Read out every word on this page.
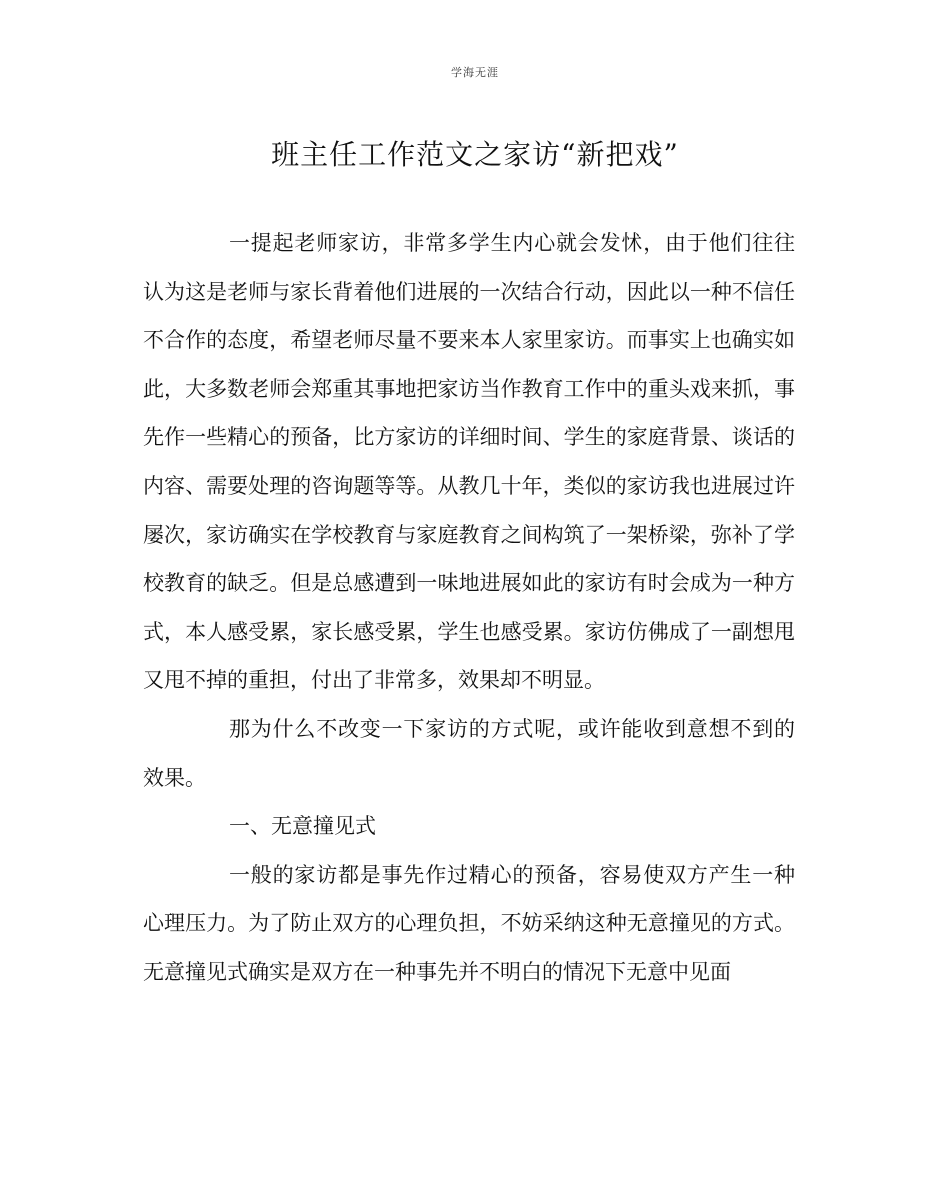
学海无涯
班主任工作范文之家访“新把戏”

一提起老师家访，非常多学生内心就会发怵，由于他们往往认为这是老师与家长背着他们进展的一次结合行动，因此以一种不信任不合作的态度，希望老师尽量不要来本人家里家访。而事实上也确实如此，大多数老师会郑重其事地把家访当作教育工作中的重头戏来抓，事先作一些精心的预备，比方家访的详细时间、学生的家庭背景、谈话的内容、需要处理的咨询题等等。从教几十年，类似的家访我也进展过许屡次，家访确实在学校教育与家庭教育之间构筑了一架桥梁，弥补了学校教育的缺乏。但是总感遭到一味地进展如此的家访有时会成为一种方式，本人感受累，家长感受累，学生也感受累。家访仿佛成了一副想甩又甩不掉的重担，付出了非常多，效果却不明显。

那为什么不改变一下家访的方式呢，或许能收到意想不到的效果。

一、无意撞见式

一般的家访都是事先作过精心的预备，容易使双方产生一种心理压力。为了防止双方的心理负担，不妨采纳这种无意撞见的方式。无意撞见式确实是双方在一种事先并不明白的情况下无意中见面
